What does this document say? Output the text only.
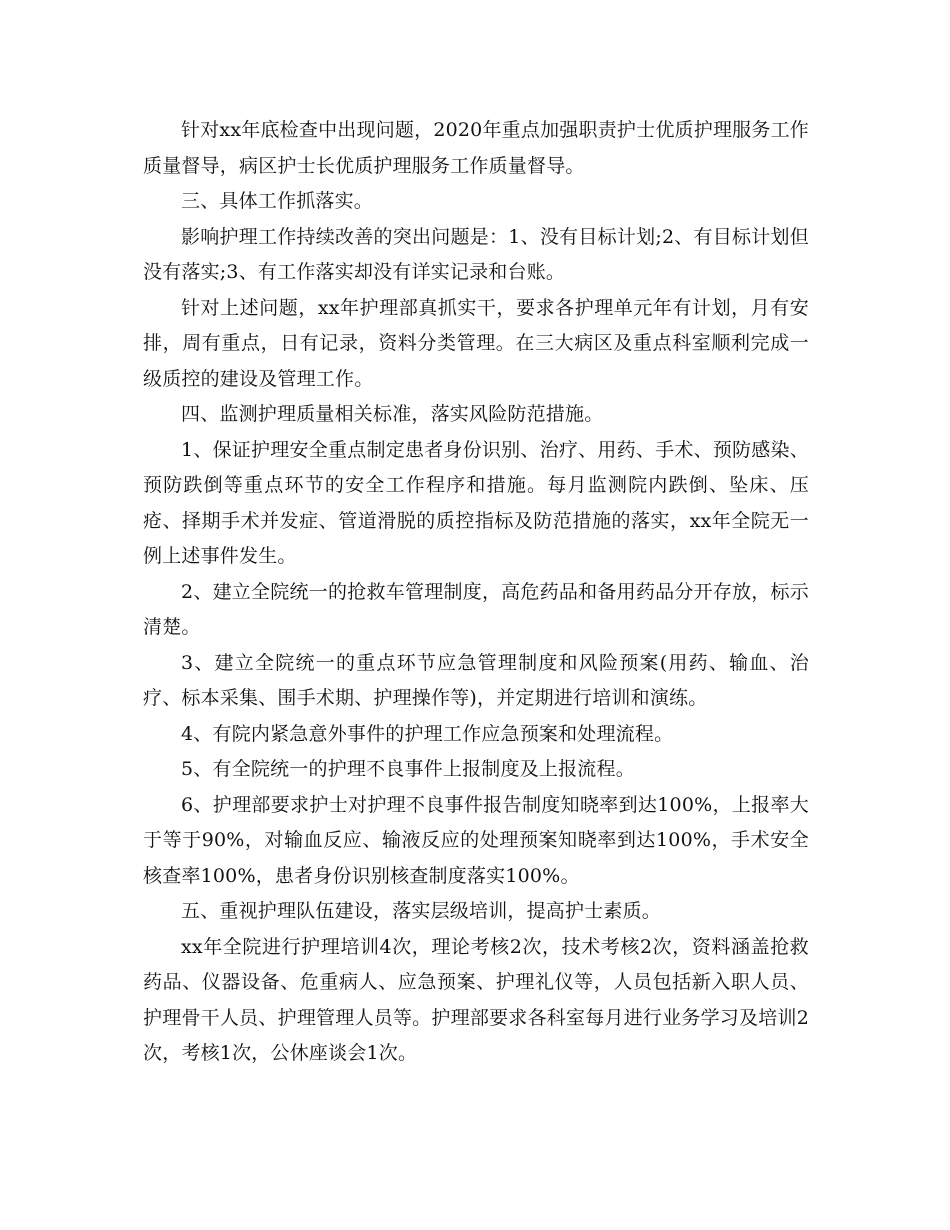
针对xx年底检查中出现问题，2020年重点加强职责护士优质护理服务工作质量督导，病区护士长优质护理服务工作质量督导。

三、具体工作抓落实。

影响护理工作持续改善的突出问题是：1、没有目标计划;2、有目标计划但没有落实;3、有工作落实却没有详实记录和台账。

针对上述问题，xx年护理部真抓实干，要求各护理单元年有计划，月有安排，周有重点，日有记录，资料分类管理。在三大病区及重点科室顺利完成一级质控的建设及管理工作。

四、监测护理质量相关标准，落实风险防范措施。

1、保证护理安全重点制定患者身份识别、治疗、用药、手术、预防感染、预防跌倒等重点环节的安全工作程序和措施。每月监测院内跌倒、坠床、压疮、择期手术并发症、管道滑脱的质控指标及防范措施的落实，xx年全院无一例上述事件发生。

2、建立全院统一的抢救车管理制度，高危药品和备用药品分开存放，标示清楚。

3、建立全院统一的重点环节应急管理制度和风险预案(用药、输血、治疗、标本采集、围手术期、护理操作等)，并定期进行培训和演练。

4、有院内紧急意外事件的护理工作应急预案和处理流程。

5、有全院统一的护理不良事件上报制度及上报流程。

6、护理部要求护士对护理不良事件报告制度知晓率到达100%，上报率大于等于90%，对输血反应、输液反应的处理预案知晓率到达100%，手术安全核查率100%，患者身份识别核查制度落实100%。

五、重视护理队伍建设，落实层级培训，提高护士素质。

xx年全院进行护理培训4次，理论考核2次，技术考核2次，资料涵盖抢救药品、仪器设备、危重病人、应急预案、护理礼仪等，人员包括新入职人员、护理骨干人员、护理管理人员等。护理部要求各科室每月进行业务学习及培训2次，考核1次，公休座谈会1次。
